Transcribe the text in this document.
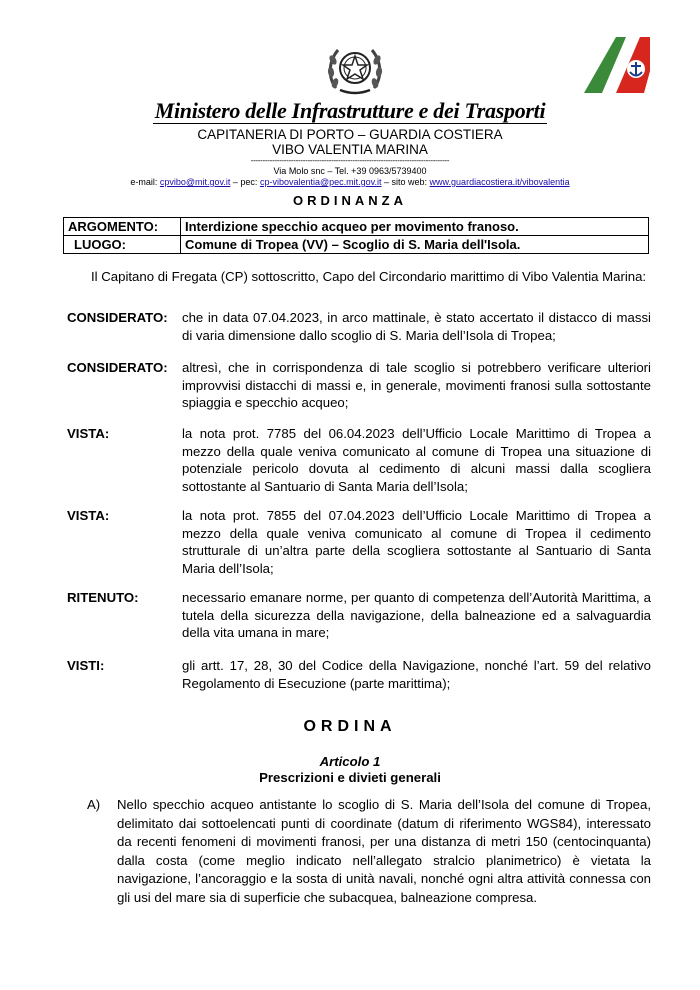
Ministero delle Infrastrutture e dei Trasporti
CAPITANERIA DI PORTO – GUARDIA COSTIERA
VIBO VALENTIA MARINA
------------------------------------------------------------------------------------
Via Molo snc – Tel. +39 0963/5739400
e-mail: cpvibo@mit.gov.it – pec: cp-vibovalentia@pec.mit.gov.it – sito web: www.guardiacostiera.it/vibovalentia
ORDINANZA
ARGOMENTO:	Interdizione specchio acqueo per movimento franoso.
LUOGO:	Comune di Tropea (VV) – Scoglio di S. Maria dell'Isola.
Il Capitano di Fregata (CP) sottoscritto, Capo del Circondario marittimo di Vibo Valentia Marina:
CONSIDERATO: che in data 07.04.2023, in arco mattinale, è stato accertato il distacco di massi di varia dimensione dallo scoglio di S. Maria dell’Isola di Tropea;
CONSIDERATO: altresì, che in corrispondenza di tale scoglio si potrebbero verificare ulteriori improvvisi distacchi di massi e, in generale, movimenti franosi sulla sottostante spiaggia e specchio acqueo;
VISTA:	la nota prot. 7785 del 06.04.2023 dell’Ufficio Locale Marittimo di Tropea a mezzo della quale veniva comunicato al comune di Tropea una situazione di potenziale pericolo dovuta al cedimento di alcuni massi dalla scogliera sottostante al Santuario di Santa Maria dell’Isola;
VISTA:	la nota prot. 7855 del 07.04.2023 dell’Ufficio Locale Marittimo di Tropea a mezzo della quale veniva comunicato al comune di Tropea il cedimento strutturale di un’altra parte della scogliera sottostante al Santuario di Santa Maria dell’Isola;
RITENUTO:	necessario emanare norme, per quanto di competenza dell’Autorità Marittima, a tutela della sicurezza della navigazione, della balneazione ed a salvaguardia della vita umana in mare;
VISTI:	gli artt. 17, 28, 30 del Codice della Navigazione, nonché l’art. 59 del relativo Regolamento di Esecuzione (parte marittima);
ORDINA
Articolo 1
Prescrizioni e divieti generali
A) Nello specchio acqueo antistante lo scoglio di S. Maria dell’Isola del comune di Tropea, delimitato dai sottoelencati punti di coordinate (datum di riferimento WGS84), interessato da recenti fenomeni di movimenti franosi, per una distanza di metri 150 (centocinquanta) dalla costa (come meglio indicato nell’allegato stralcio planimetrico) è vietata la navigazione, l’ancoraggio e la sosta di unità navali, nonché ogni altra attività connessa con gli usi del mare sia di superficie che subacquea, balneazione compresa.
